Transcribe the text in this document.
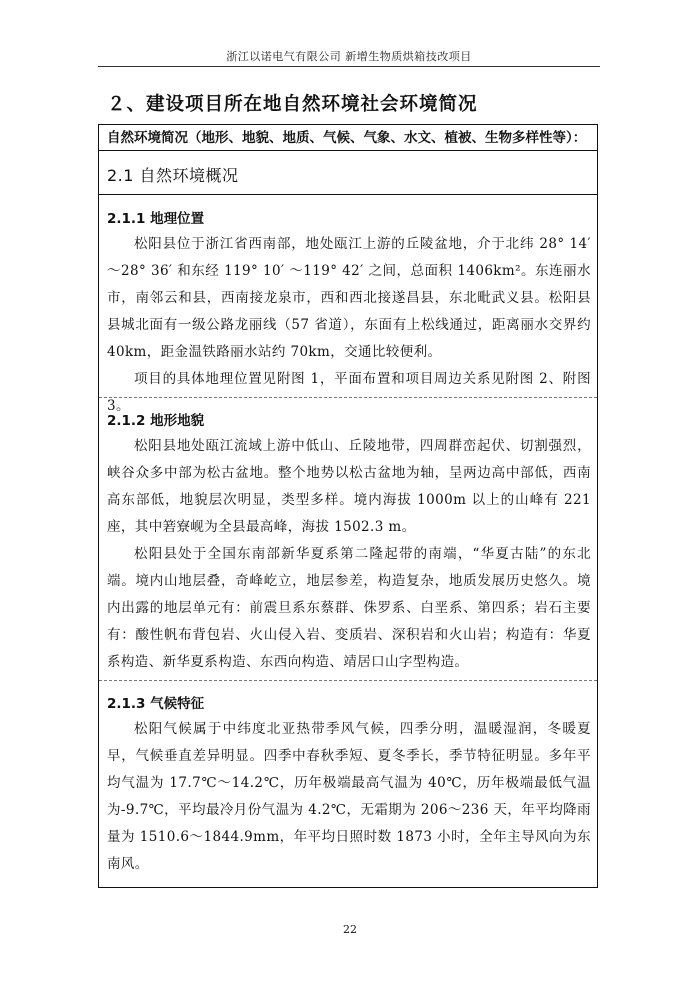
浙江以诺电气有限公司 新增生物质烘箱技改项目
２、建设项目所在地自然环境社会环境简况
自然环境简况（地形、地貌、地质、气候、气象、水文、植被、生物多样性等）：
2.1 自然环境概况
2.1.1 地理位置

松阳县位于浙江省西南部，地处瓯江上游的丘陵盆地，介于北纬 28° 14′ ～28° 36′ 和东经 119° 10′ ～119° 42′ 之间，总面积 1406km²。东连丽水市，南邻云和县，西南接龙泉市，西和西北接遂昌县，东北毗武义县。松阳县县城北面有一级公路龙丽线（57 省道），东面有上松线通过，距离丽水交界约 40km，距金温铁路丽水站约 70km，交通比较便利。

项目的具体地理位置见附图 1，平面布置和项目周边关系见附图 2、附图 3。

2.1.2 地形地貌

松阳县地处瓯江流域上游中低山、丘陵地带，四周群峦起伏、切割强烈，峡谷众多中部为松古盆地。整个地势以松古盆地为轴，呈两边高中部低，西南高东部低，地貌层次明显，类型多样。境内海拔 1000m 以上的山峰有 221 座，其中箬寮岘为全县最高峰，海拔 1502.3 m。

松阳县处于全国东南部新华夏系第二隆起带的南端，“华夏古陆”的东北端。境内山地层叠，奇峰屹立，地层参差，构造复杂，地质发展历史悠久。境内出露的地层单元有：前震旦系东蔡群、侏罗系、白垩系、第四系；岩石主要有：酸性帆布背包岩、火山侵入岩、变质岩、深积岩和火山岩；构造有：华夏系构造、新华夏系构造、东西向构造、靖居口山字型构造。

2.1.3 气候特征

松阳气候属于中纬度北亚热带季风气候，四季分明，温暖湿润，冬暖夏早，气候垂直差异明显。四季中春秋季短、夏冬季长，季节特征明显。多年平均气温为 17.7℃～14.2℃，历年极端最高气温为 40℃，历年极端最低气温为-9.7℃，平均最冷月份气温为 4.2℃，无霜期为 206～236 天，年平均降雨量为 1510.6～1844.9mm，年平均日照时数 1873 小时，全年主导风向为东南风。

22
